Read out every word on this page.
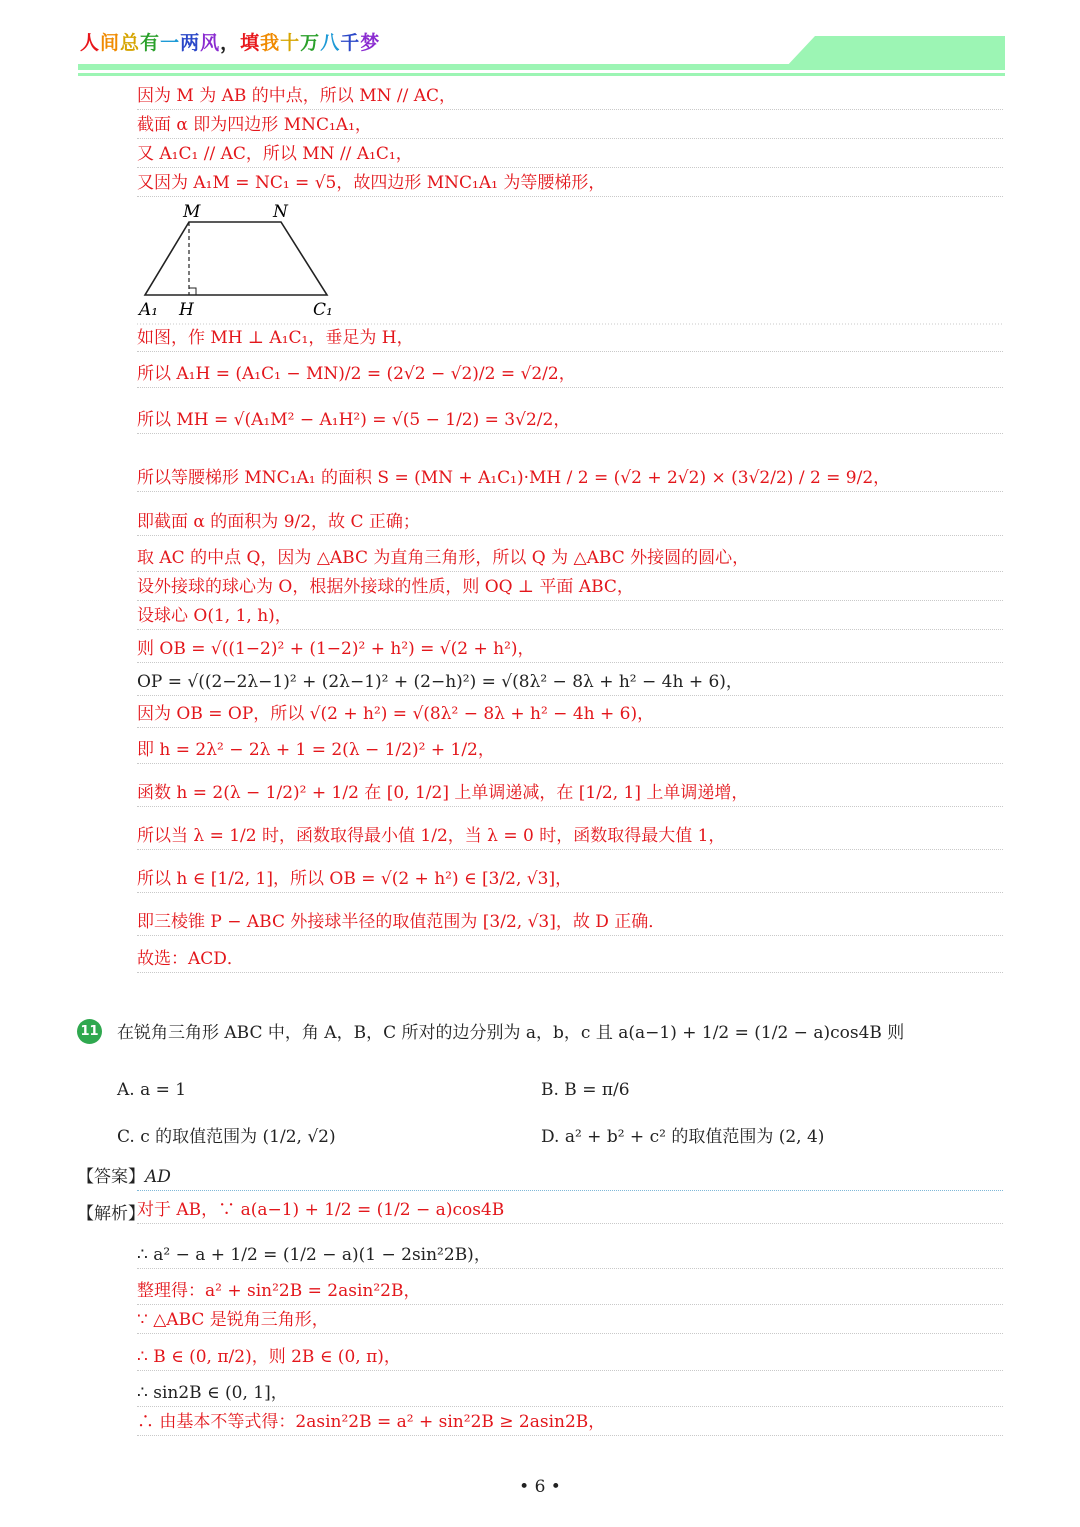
人间总有一两风，填我十万八千梦
因为 M 为 AB 的中点，所以 MN // AC，
截面 α 即为四边形 MNC₁A₁，
又 A₁C₁ // AC，所以 MN // A₁C₁，
又因为 A₁M = NC₁ = √5，故四边形 MNC₁A₁ 为等腰梯形，
M	N
A₁ H	C₁
如图，作 MH ⊥ A₁C₁，垂足为 H，
所以 A₁H = (A₁C₁ − MN)/2 = (2√2 − √2)/2 = √2/2，
所以 MH = √(A₁M² − A₁H²) = √(5 − 1/2) = 3√2/2，
所以等腰梯形 MNC₁A₁ 的面积 S = (MN + A₁C₁)·MH / 2 = (√2 + 2√2) × (3√2/2) / 2 = 9/2，
即截面 α 的面积为 9/2，故 C 正确；
取 AC 的中点 Q，因为 △ABC 为直角三角形，所以 Q 为 △ABC 外接圆的圆心，
设外接球的球心为 O，根据外接球的性质，则 OQ ⊥ 平面 ABC，
设球心 O(1, 1, h)，
则 OB = √((1−2)² + (1−2)² + h²) = √(2 + h²)，
OP = √((2−2λ−1)² + (2λ−1)² + (2−h)²) = √(8λ² − 8λ + h² − 4h + 6)，
因为 OB = OP，所以 √(2 + h²) = √(8λ² − 8λ + h² − 4h + 6)，
即 h = 2λ² − 2λ + 1 = 2(λ − 1/2)² + 1/2，
函数 h = 2(λ − 1/2)² + 1/2 在 [0, 1/2] 上单调递减，在 [1/2, 1] 上单调递增，
所以当 λ = 1/2 时，函数取得最小值 1/2，当 λ = 0 时，函数取得最大值 1，
所以 h ∈ [1/2, 1]，所以 OB = √(2 + h²) ∈ [3/2, √3]，
即三棱锥 P − ABC 外接球半径的取值范围为 [3/2, √3]，故 D 正确．
故选：ACD．
11 在锐角三角形 ABC 中，角 A，B，C 所对的边分别为 a，b，c 且 a(a−1) + 1/2 = (1/2 − a)cos4B 则
A. a = 1	B. B = π/6
C. c 的取值范围为 (1/2, √2)	D. a² + b² + c² 的取值范围为 (2, 4)
【答案】AD
【解析】
对于 AB，∵ a(a−1) + 1/2 = (1/2 − a)cos4B
∴ a² − a + 1/2 = (1/2 − a)(1 − 2sin²2B)，
整理得：a² + sin²2B = 2asin²2B，
∵ △ABC 是锐角三角形，
∴ B ∈ (0, π/2)，则 2B ∈ (0, π)，
∴ sin2B ∈ (0, 1]，
∴ 由基本不等式得：2asin²2B = a² + sin²2B ≥ 2asin2B，
• 6 •
